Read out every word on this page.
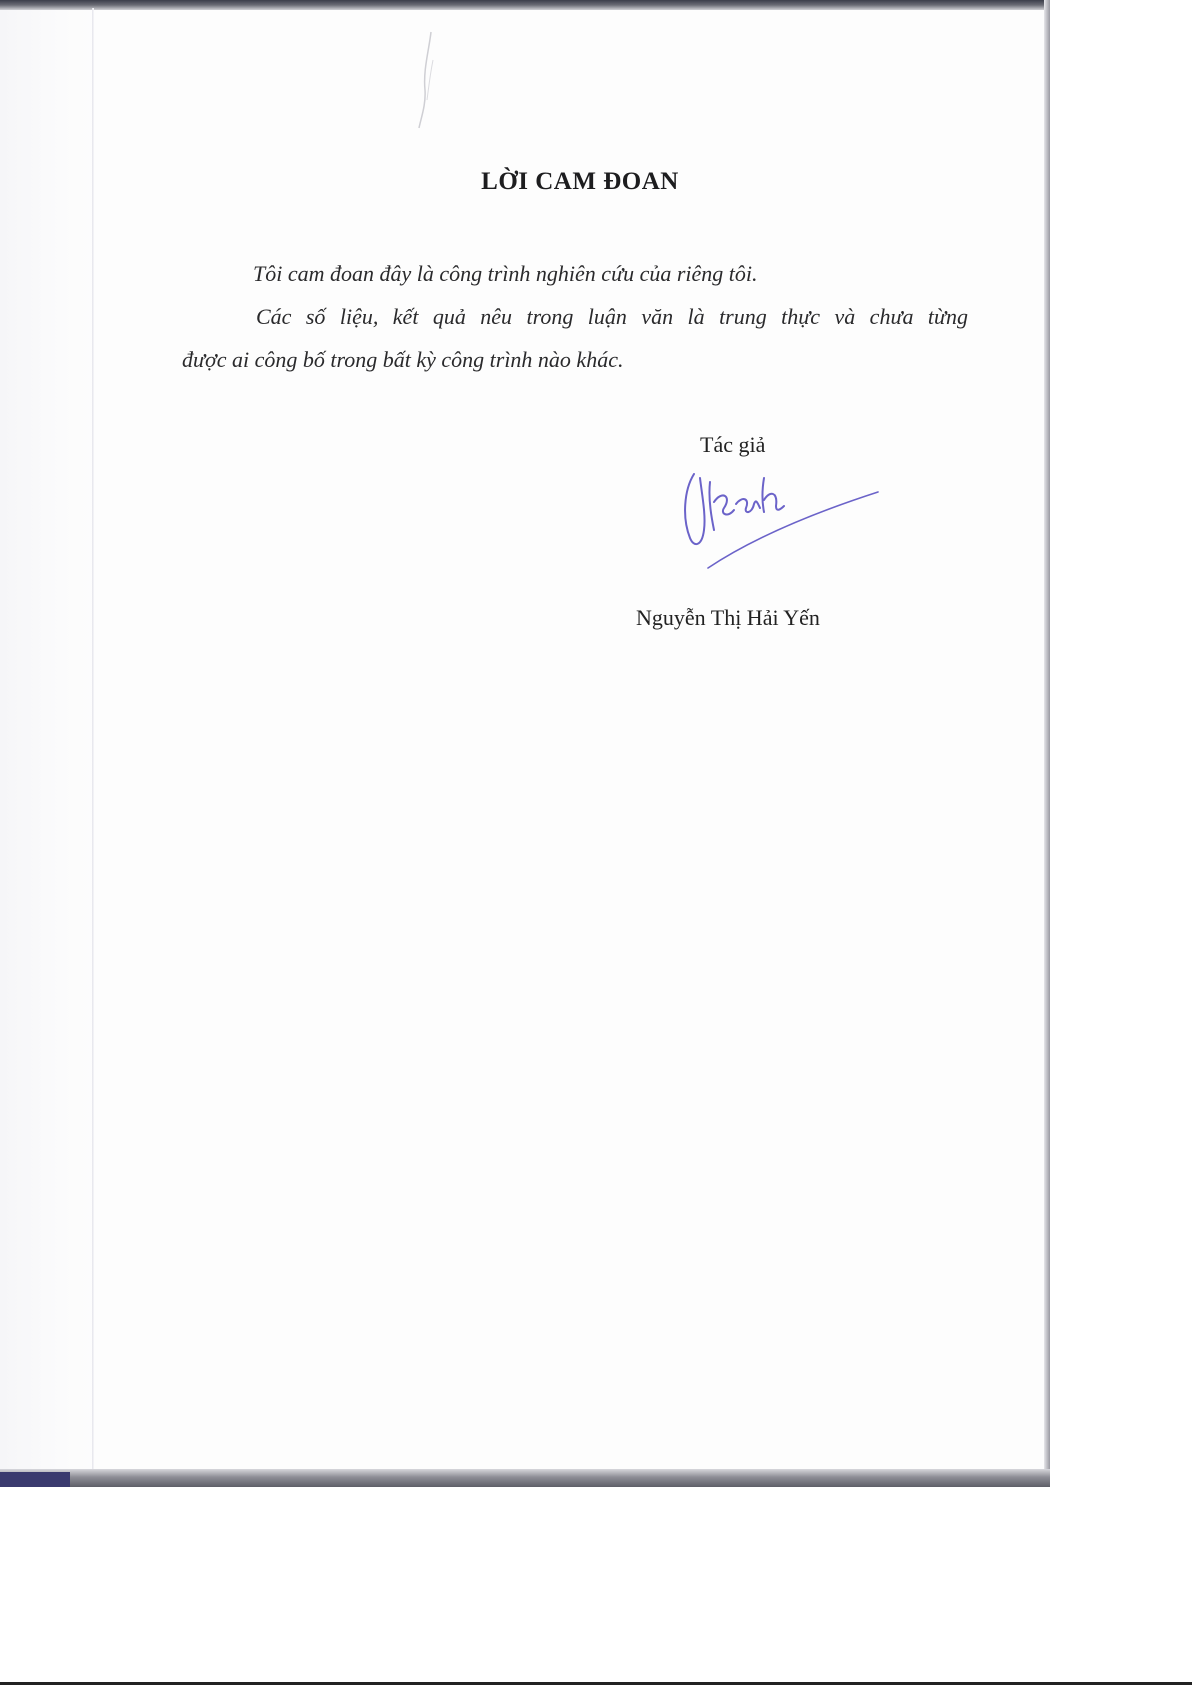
LỜI CAM ĐOAN
Tôi cam đoan đây là công trình nghiên cứu của riêng tôi.
Các số liệu, kết quả nêu trong luận văn là trung thực và chưa từng
được ai công bố trong bất kỳ công trình nào khác.
Tác giả
Nguyễn Thị Hải Yến
